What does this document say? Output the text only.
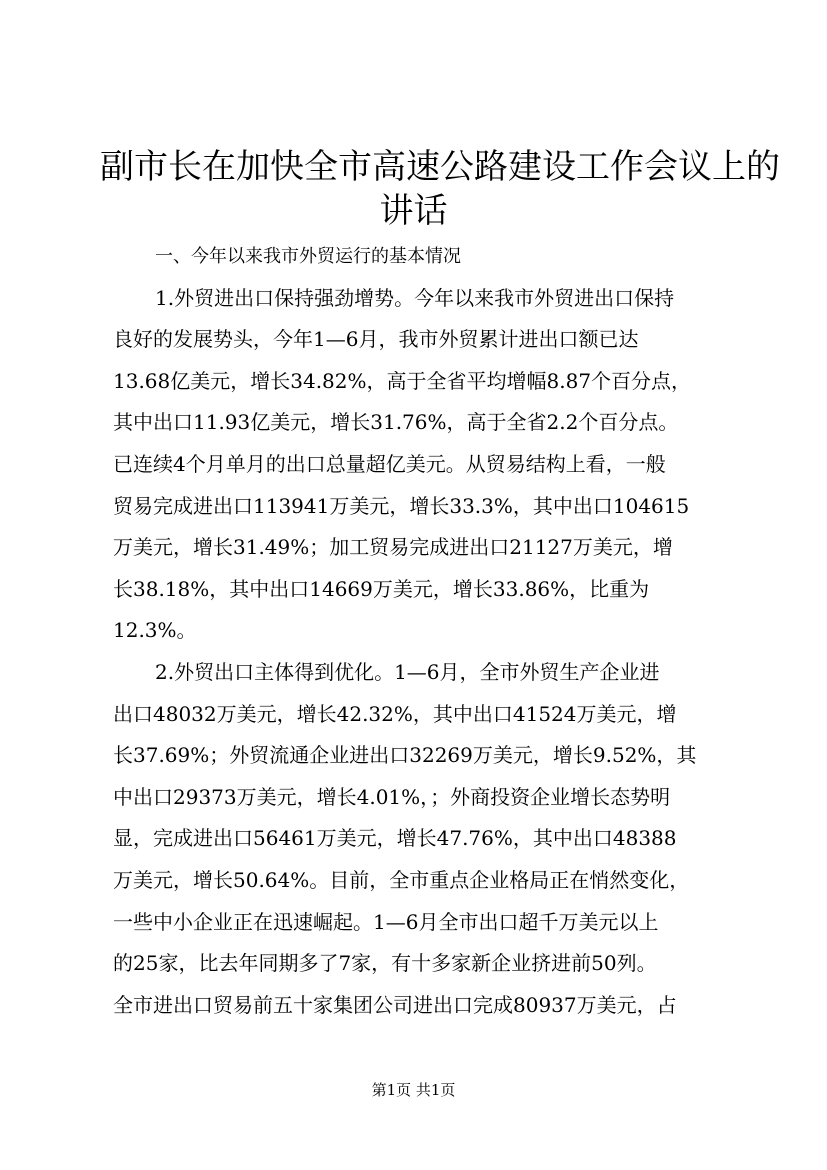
副市长在加快全市高速公路建设工作会议上的
讲话
一、今年以来我市外贸运行的基本情况
1.外贸进出口保持强劲增势。今年以来我市外贸进出口保持
良好的发展势头，今年1—6月，我市外贸累计进出口额已达
13.68亿美元，增长34.82%，高于全省平均增幅8.87个百分点，
其中出口11.93亿美元，增长31.76%，高于全省2.2个百分点。
已连续4个月单月的出口总量超亿美元。从贸易结构上看，一般
贸易完成进出口113941万美元，增长33.3%，其中出口104615
万美元，增长31.49%；加工贸易完成进出口21127万美元，增
长38.18%，其中出口14669万美元，增长33.86%，比重为
12.3%。
2.外贸出口主体得到优化。1—6月，全市外贸生产企业进
出口48032万美元，增长42.32%，其中出口41524万美元，增
长37.69%；外贸流通企业进出口32269万美元，增长9.52%，其
中出口29373万美元，增长4.01%，；外商投资企业增长态势明
显，完成进出口56461万美元，增长47.76%，其中出口48388
万美元，增长50.64%。目前，全市重点企业格局正在悄然变化，
一些中小企业正在迅速崛起。1—6月全市出口超千万美元以上
的25家，比去年同期多了7家，有十多家新企业挤进前50列。
全市进出口贸易前五十家集团公司进出口完成80937万美元，占
第1页 共1页
